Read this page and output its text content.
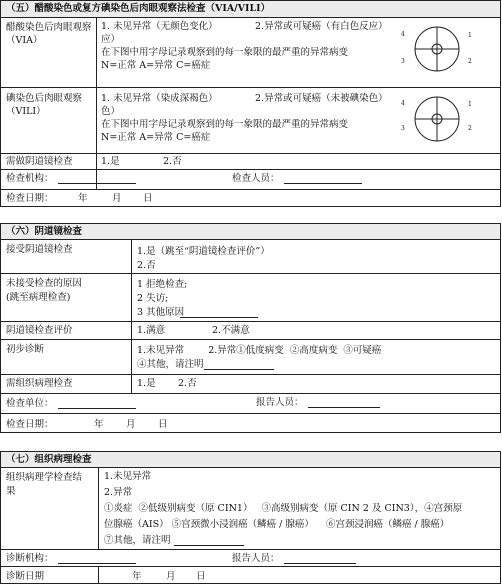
（五）醋酸染色或复方碘染色后肉眼观察法检查（VIA/VILI）
醋酸染色后肉眼观察（VIA）
1. 未见异常（无颜色变化）	2.异常或可疑癌（有白色反应）
应）
在下图中用字母记录观察到的每一象限的最严重的异常病变
N=正常 A=异常 C=癌症
4	1
3	2
碘染色后肉眼观察（VILI）
1. 未见异常（染成深褐色）	2.异常或可疑癌（未被碘染色）
色）
在下图中用字母记录观察到的每一象限的最严重的异常病变
N=正常 A=异常 C=癌症
4	1
3	2
需做阴道镜检查	1.是	2.否
检查机构：	检查人员：
检查日期：	年	月 日
（六）阴道镜检查
接受阴道镜检查	1.是（跳至“阴道镜检查评价”）
2.否
未接受检查的原因
(跳至病理检查)
1 拒绝检查;
2 失访;
3 其他原因
阴道镜检查评价	1.满意	2.不满意
初步诊断	1.未见异常        2.异常①低度病变  ②高度病变  ③可疑癌
④其他，请注明
需组织病理检查	1.是 2.否
检查单位：	报告人员：
检查日期：	年 月 日
（七）组织病理检查
组织病理学检查结
果
1.未见异常
2.异常
①炎症  ②低级别病变（原 CIN1）   ③高级别病变（原 CIN 2 及 CIN3），④宫颈原
位腺癌（AIS） ⑤宫颈微小浸润癌（鳞癌 / 腺癌）    ⑥宫颈浸润癌（鳞癌 / 腺癌）
⑦其他，请注明
诊断机构：	报告人员：
诊断日期	年	月 日
